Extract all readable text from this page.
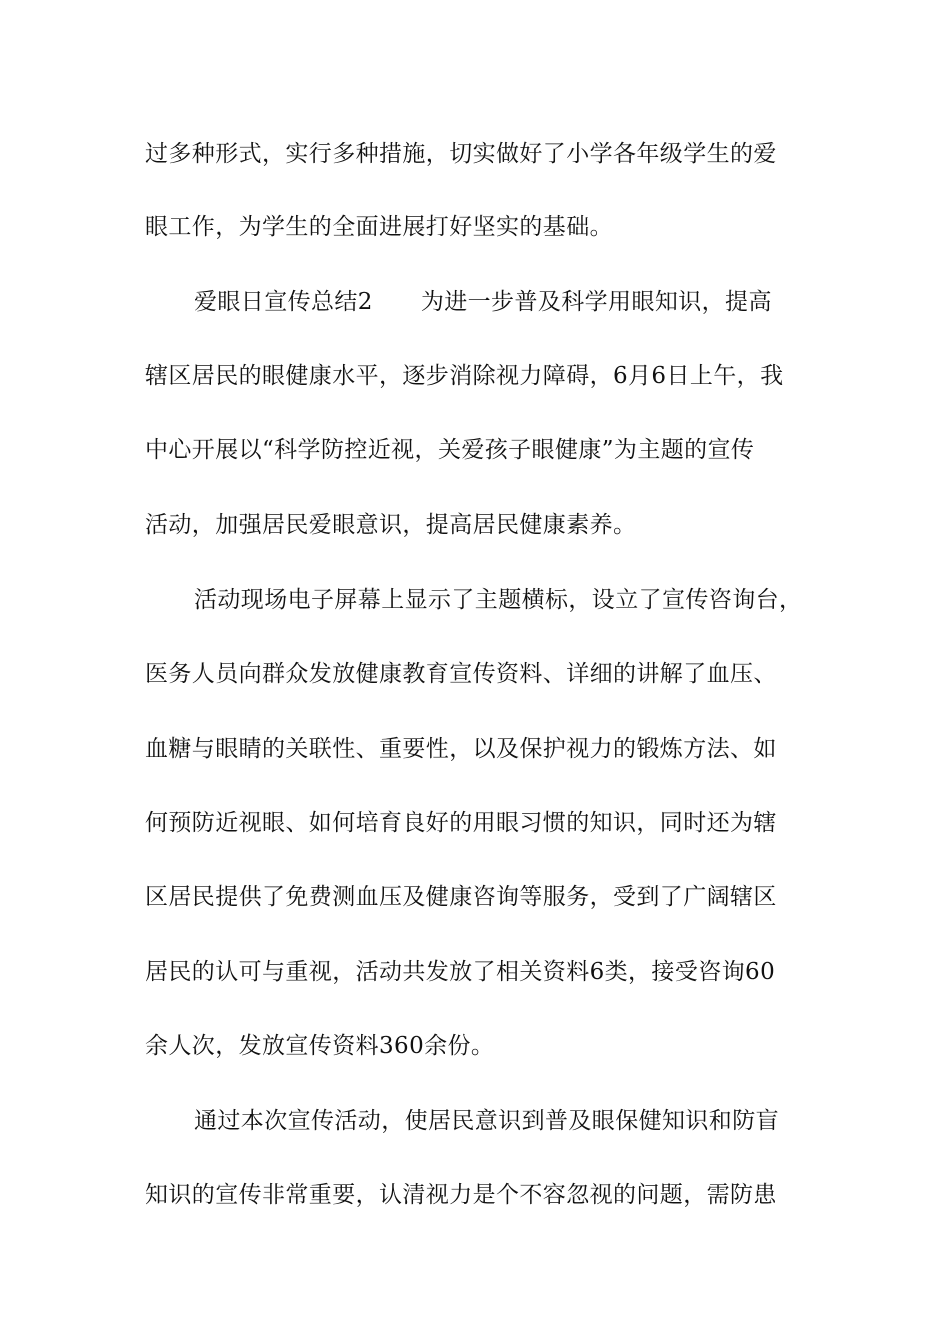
过多种形式，实行多种措施，切实做好了小学各年级学生的爱
眼工作，为学生的全面进展打好坚实的基础。
爱眼日宣传总结2 为进一步普及科学用眼知识，提高
辖区居民的眼健康水平，逐步消除视力障碍，6月6日上午，我
中心开展以“科学防控近视，关爱孩子眼健康”为主题的宣传
活动，加强居民爱眼意识，提高居民健康素养。
活动现场电子屏幕上显示了主题横标，设立了宣传咨询台，
医务人员向群众发放健康教育宣传资料、详细的讲解了血压、
血糖与眼睛的关联性、重要性，以及保护视力的锻炼方法、如
何预防近视眼、如何培育良好的用眼习惯的知识，同时还为辖
区居民提供了免费测血压及健康咨询等服务，受到了广阔辖区
居民的认可与重视，活动共发放了相关资料6类，接受咨询60
余人次，发放宣传资料360余份。
通过本次宣传活动，使居民意识到普及眼保健知识和防盲
知识的宣传非常重要，认清视力是个不容忽视的问题，需防患
